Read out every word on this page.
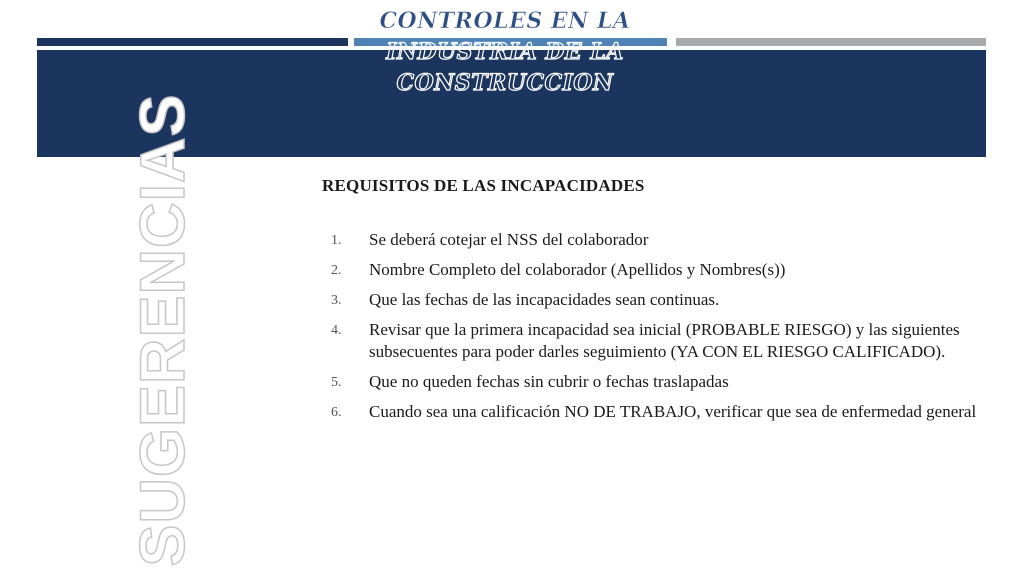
CONTROLES EN LA
INDUSTRIA DE LA
CONSTRUCCION
SUGERENCIAS	REQUISITOS DE LAS INCAPACIDADES
1. Se deberá cotejar el NSS del colaborador
2. Nombre Completo del colaborador (Apellidos y Nombres(s))
3. Que las fechas de las incapacidades sean continuas.
4. Revisar que la primera incapacidad sea inicial (PROBABLE RIESGO) y las siguientes subsecuentes para poder darles seguimiento (YA CON EL RIESGO CALIFICADO).
5. Que no queden fechas sin cubrir o fechas traslapadas
6. Cuando sea una calificación NO DE TRABAJO, verificar que sea de enfermedad general
